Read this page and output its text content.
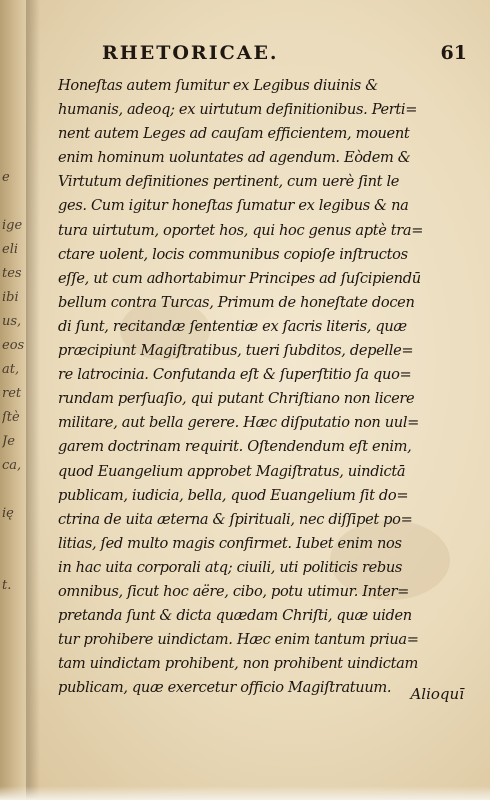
e
ige
eli
tes
ibi
us,
eos
at,
ret
ſtè
Je
ca,
ię
t.
RHETORICAE.	61
Honeſtas autem ſumitur ex Legibus diuinis &
humanis, adeoq; ex uirtutum definitionibus. Perti=
nent autem Leges ad cauſam efficientem, mouent
enim hominum uoluntates ad agendum. Eòdem &
Virtutum definitiones pertinent, cum uerè ſint le
ges. Cum igitur honeſtas ſumatur ex legibus & na
tura uirtutum, oportet hos, qui hoc genus aptè tra=
ctare uolent, locis communibus copioſe inſtructos
eſſe, ut cum adhortabimur Principes ad ſuſcipiendū
bellum contra Turcas, Primum de honeſtate docen
di ſunt, recitandæ ſententiæ ex ſacris literis, quæ
præcipiunt Magiſtratibus, tueri ſubditos, depelle=
re latrocinia. Confutanda eſt & ſuperſtitio ſa quo=
rundam perſuaſio, qui putant Chriſtiano non licere
militare, aut bella gerere. Hæc diſputatio non uul=
garem doctrinam requirit. Oſtendendum eſt enim,
quod Euangelium approbet Magiſtratus, uindictā
publicam, iudicia, bella, quod Euangelium ſit do=
ctrina de uita æterna & ſpirituali, nec diſſipet po=
litias, ſed multo magis confirmet. Iubet enim nos
in hac uita corporali atq; ciuili, uti politicis rebus
omnibus, ſicut hoc aëre, cibo, potu utimur. Inter=
pretanda ſunt & dicta quædam Chriſti, quæ uiden
tur prohibere uindictam. Hæc enim tantum priua=
tam uindictam prohibent, non prohibent uindictam
publicam, quæ exercetur officio Magiſtratuum.	Alioquī
